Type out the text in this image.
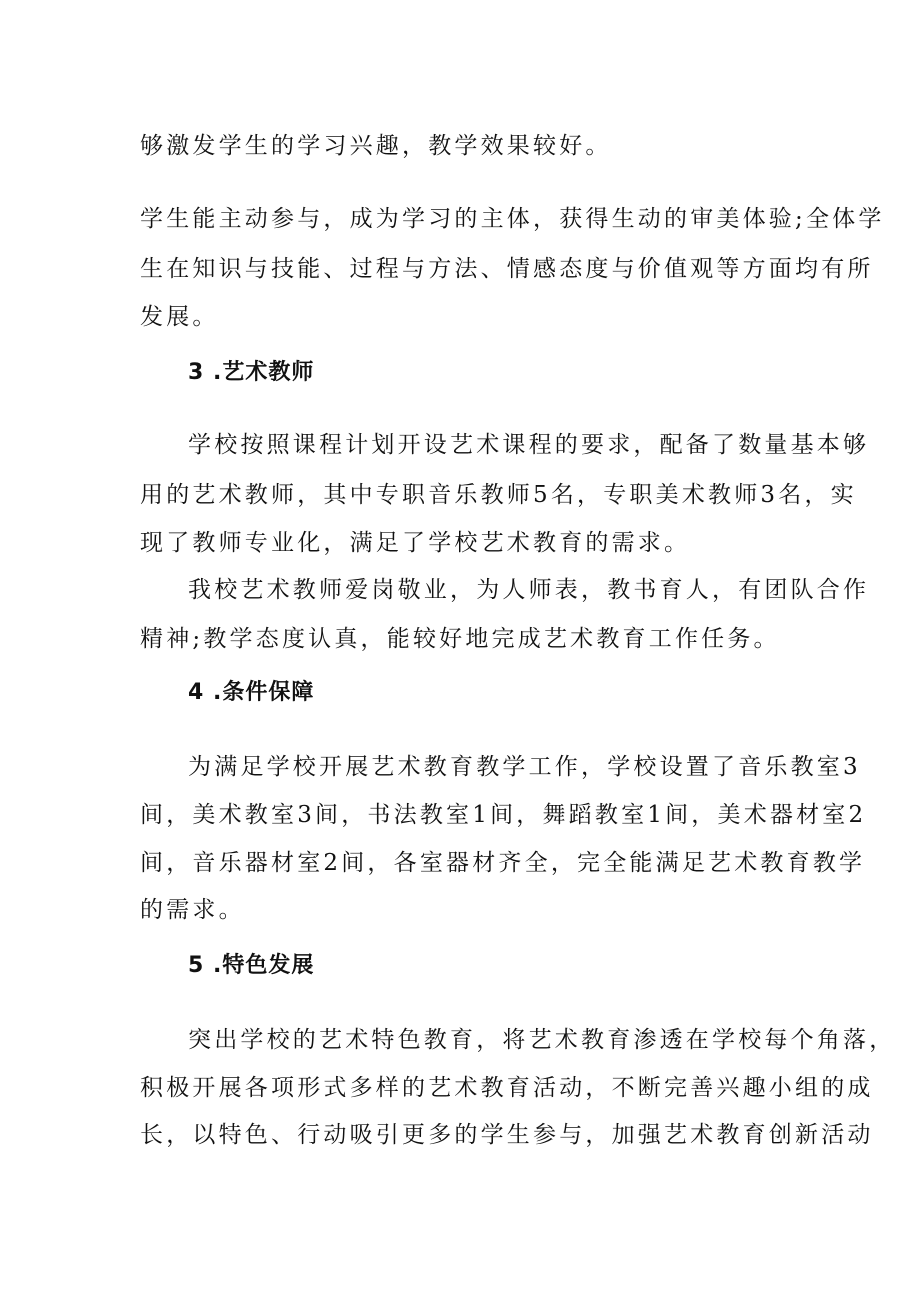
够激发学生的学习兴趣，教学效果较好。
学生能主动参与，成为学习的主体，获得生动的审美体验;全体学
生在知识与技能、过程与方法、情感态度与价值观等方面均有所
发展。
3 .艺术教师
学校按照课程计划开设艺术课程的要求，配备了数量基本够
用的艺术教师，其中专职音乐教师5名，专职美术教师3名，实
现了教师专业化，满足了学校艺术教育的需求。
我校艺术教师爱岗敬业，为人师表，教书育人，有团队合作
精神;教学态度认真，能较好地完成艺术教育工作任务。
4 .条件保障
为满足学校开展艺术教育教学工作，学校设置了音乐教室3
间，美术教室3间，书法教室1间，舞蹈教室1间，美术器材室2
间，音乐器材室2间，各室器材齐全，完全能满足艺术教育教学
的需求。
5 .特色发展
突出学校的艺术特色教育，将艺术教育渗透在学校每个角落，
积极开展各项形式多样的艺术教育活动，不断完善兴趣小组的成
长，以特色、行动吸引更多的学生参与，加强艺术教育创新活动
